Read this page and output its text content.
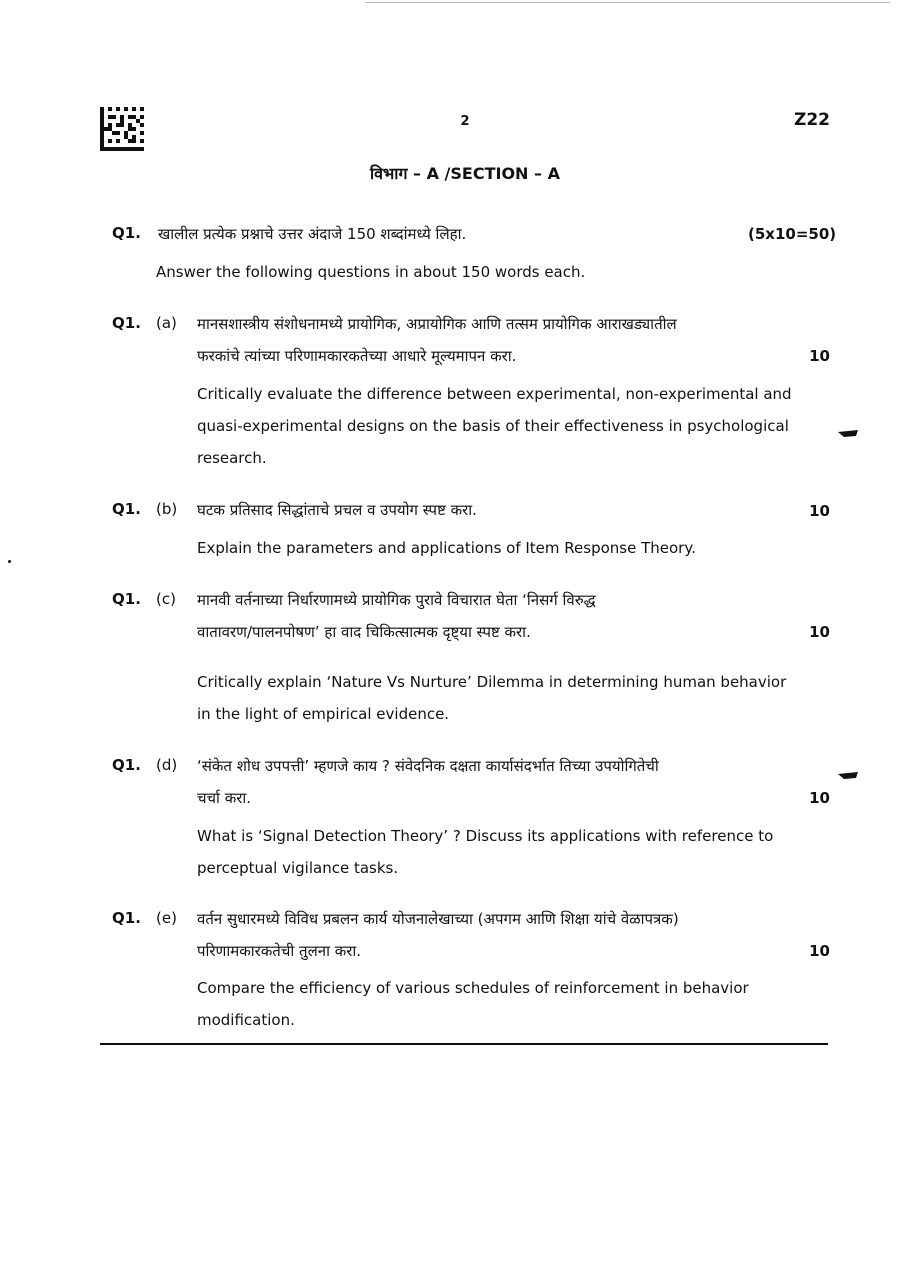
2	Z22
विभाग – A /SECTION – A
Q1. खालील प्रत्येक प्रश्नाचे उत्तर अंदाजे 150 शब्दांमध्ये लिहा.	(5x10=50)
Answer the following questions in about 150 words each.
Q1. (a) मानसशास्त्रीय संशोधनामध्ये प्रायोगिक, अप्रायोगिक आणि तत्सम प्रायोगिक आराखड्यातील
फरकांचे त्यांच्या परिणामकारकतेच्या आधारे मूल्यमापन करा.	10
Critically evaluate the difference between experimental, non-experimental and
quasi-experimental designs on the basis of their effectiveness in psychological
research.
Q1. (b) घटक प्रतिसाद सिद्धांताचे प्रचल व उपयोग स्पष्ट करा.	10
Explain the parameters and applications of Item Response Theory.
Q1. (c) मानवी वर्तनाच्या निर्धारणामध्ये प्रायोगिक पुरावे विचारात घेता ‘निसर्ग विरुद्ध
वातावरण/पालनपोषण’ हा वाद चिकित्सात्मक दृष्ट्या स्पष्ट करा.	10
Critically explain ‘Nature Vs Nurture’ Dilemma in determining human behavior
in the light of empirical evidence.
Q1. (d) ‘संकेत शोध उपपत्ती’ म्हणजे काय ? संवेदनिक दक्षता कार्यासंदर्भात तिच्या उपयोगितेची
चर्चा करा.	10
What is ‘Signal Detection Theory’ ? Discuss its applications with reference to
perceptual vigilance tasks.
Q1. (e) वर्तन सुधारमध्ये विविध प्रबलन कार्य योजनालेखाच्या (अपगम आणि शिक्षा यांचे वेळापत्रक)
परिणामकारकतेची तुलना करा.	10
Compare the efficiency of various schedules of reinforcement in behavior
modification.
